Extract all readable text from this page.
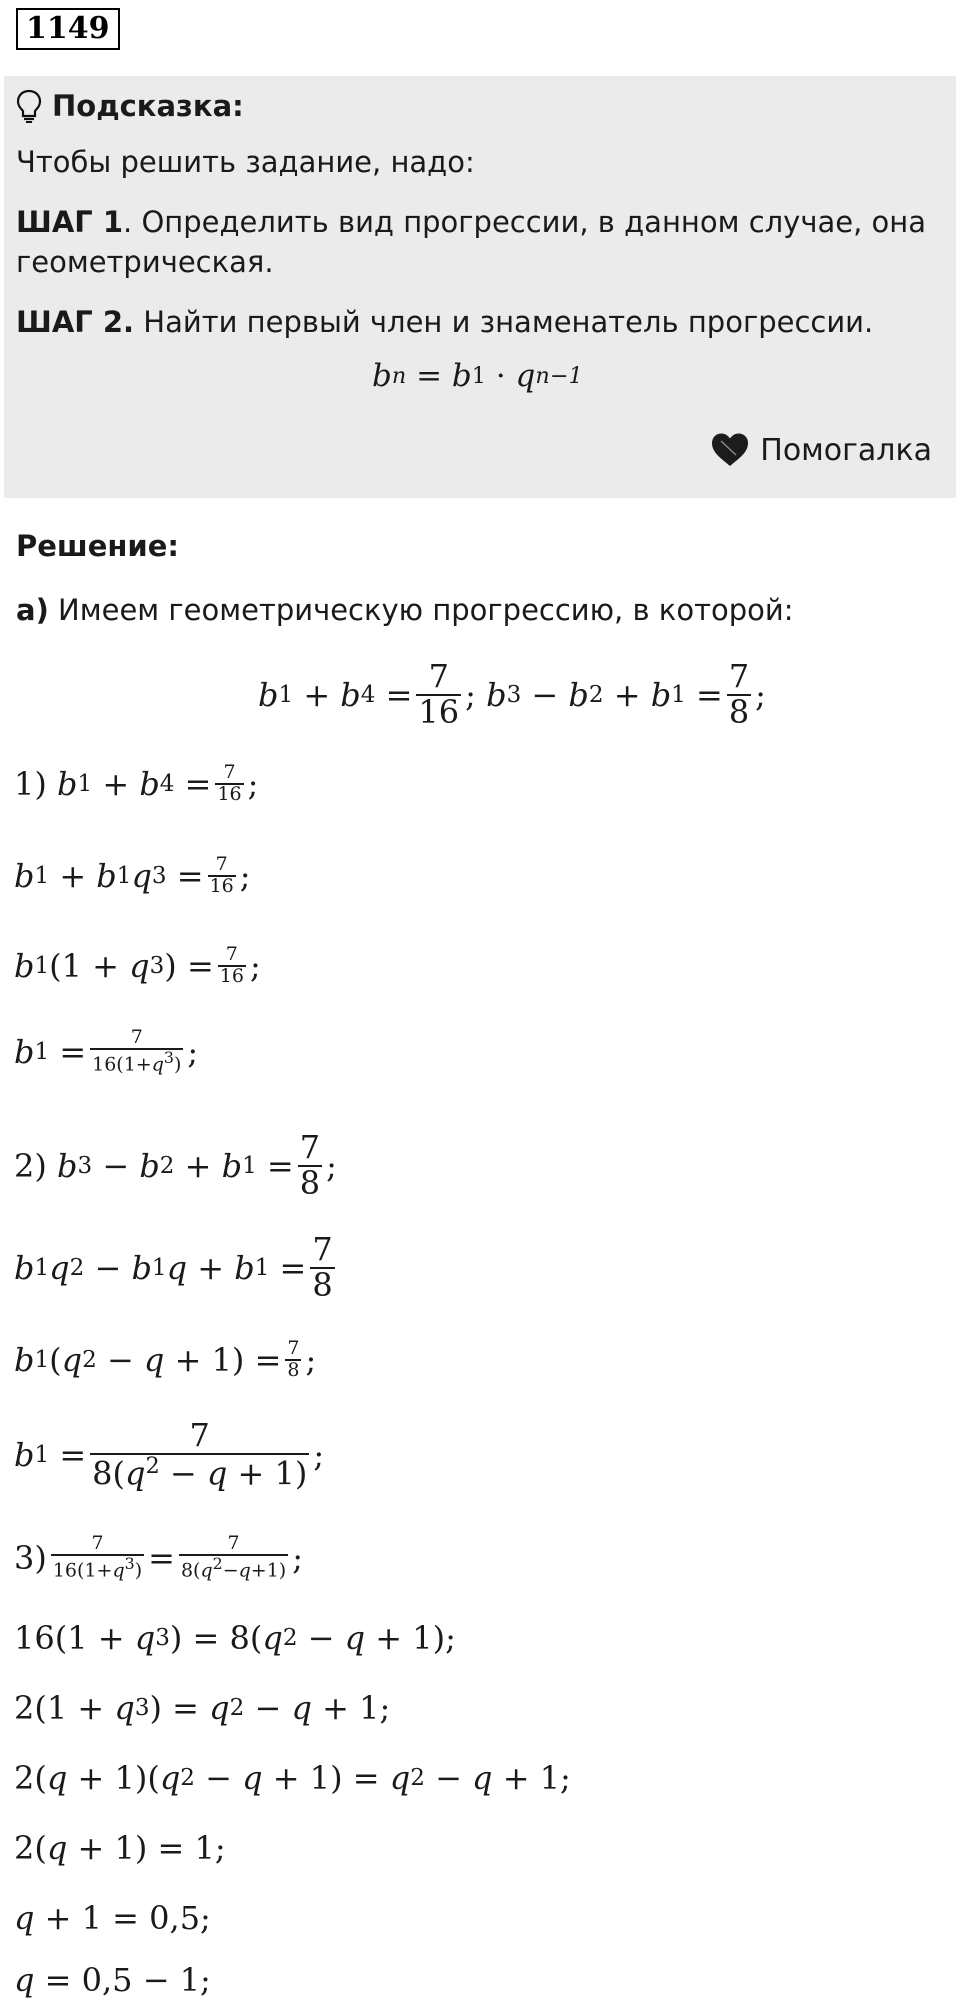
1149
Подсказка:
Чтобы решить задание, надо:
ШАГ 1. Определить вид прогрессии, в данном случае, она
геометрическая.
ШАГ 2. Найти первый член и знаменатель прогрессии.
b n = b 1 · q n−1
Помогалка
Решение:
а) Имеем геометрическую прогрессию, в которой:
b 1 + b $4 = \frac{7}{16}$ ; b 3 − b 2 + b $1 = \frac{7}{8}$ ;
1) b 1 + b $4 = \frac{7}{16}$ ;
b 1 + b 1 q $3 = \frac{7}{16}$ ;
b 1 (1 + q 3 ) = $\frac{7}{16}$ ;
b $1 = \frac{7}{16(1+q^3)}$ ;
2) b 3 − b 2 + b $1 = \frac{7}{8}$ ;
b 1 q 2 − b 1 q + b $1 = \frac{7}{8}$
b 1 ( q $2 - q + 1) = \frac{7}{8}$ ;
b $1 = \frac{7}{8(q^2 - q + 1)}$ ;
$3) \frac{7}{16(1+q^3)} = \frac{7}{8(q^2-q+1)}$ ;
16(1 + q 3 ) = 8( q 2 − q + 1);
2(1 + q 3 ) = q 2 − q + 1;
2( q + 1)( q 2 − q + 1) = q 2 − q + 1;
2( q + 1) = 1;
q + 1 = 0,5;
q = 0,5 − 1;
